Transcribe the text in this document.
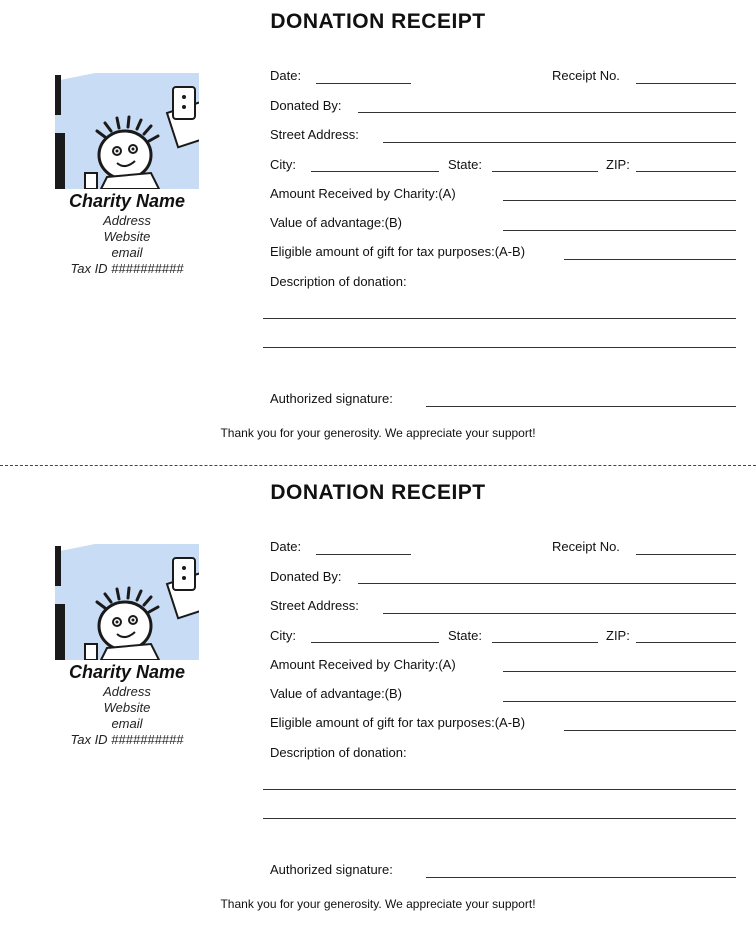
DONATION RECEIPT
Charity Name
Address
Website
email
Tax ID ##########
Date:	Receipt No.
Donated By:
Street Address:
City:	State:	ZIP:
Amount Received by Charity:(A)
Value of advantage:(B)
Eligible amount of gift for tax purposes:(A-B)
Description of donation:
Authorized signature:
Thank you for your generosity. We appreciate your support!
DONATION RECEIPT
Charity Name
Address
Website
email
Tax ID ##########
Date:	Receipt No.
Donated By:
Street Address:
City:	State:	ZIP:
Amount Received by Charity:(A)
Value of advantage:(B)
Eligible amount of gift for tax purposes:(A-B)
Description of donation:
Authorized signature:
Thank you for your generosity. We appreciate your support!
